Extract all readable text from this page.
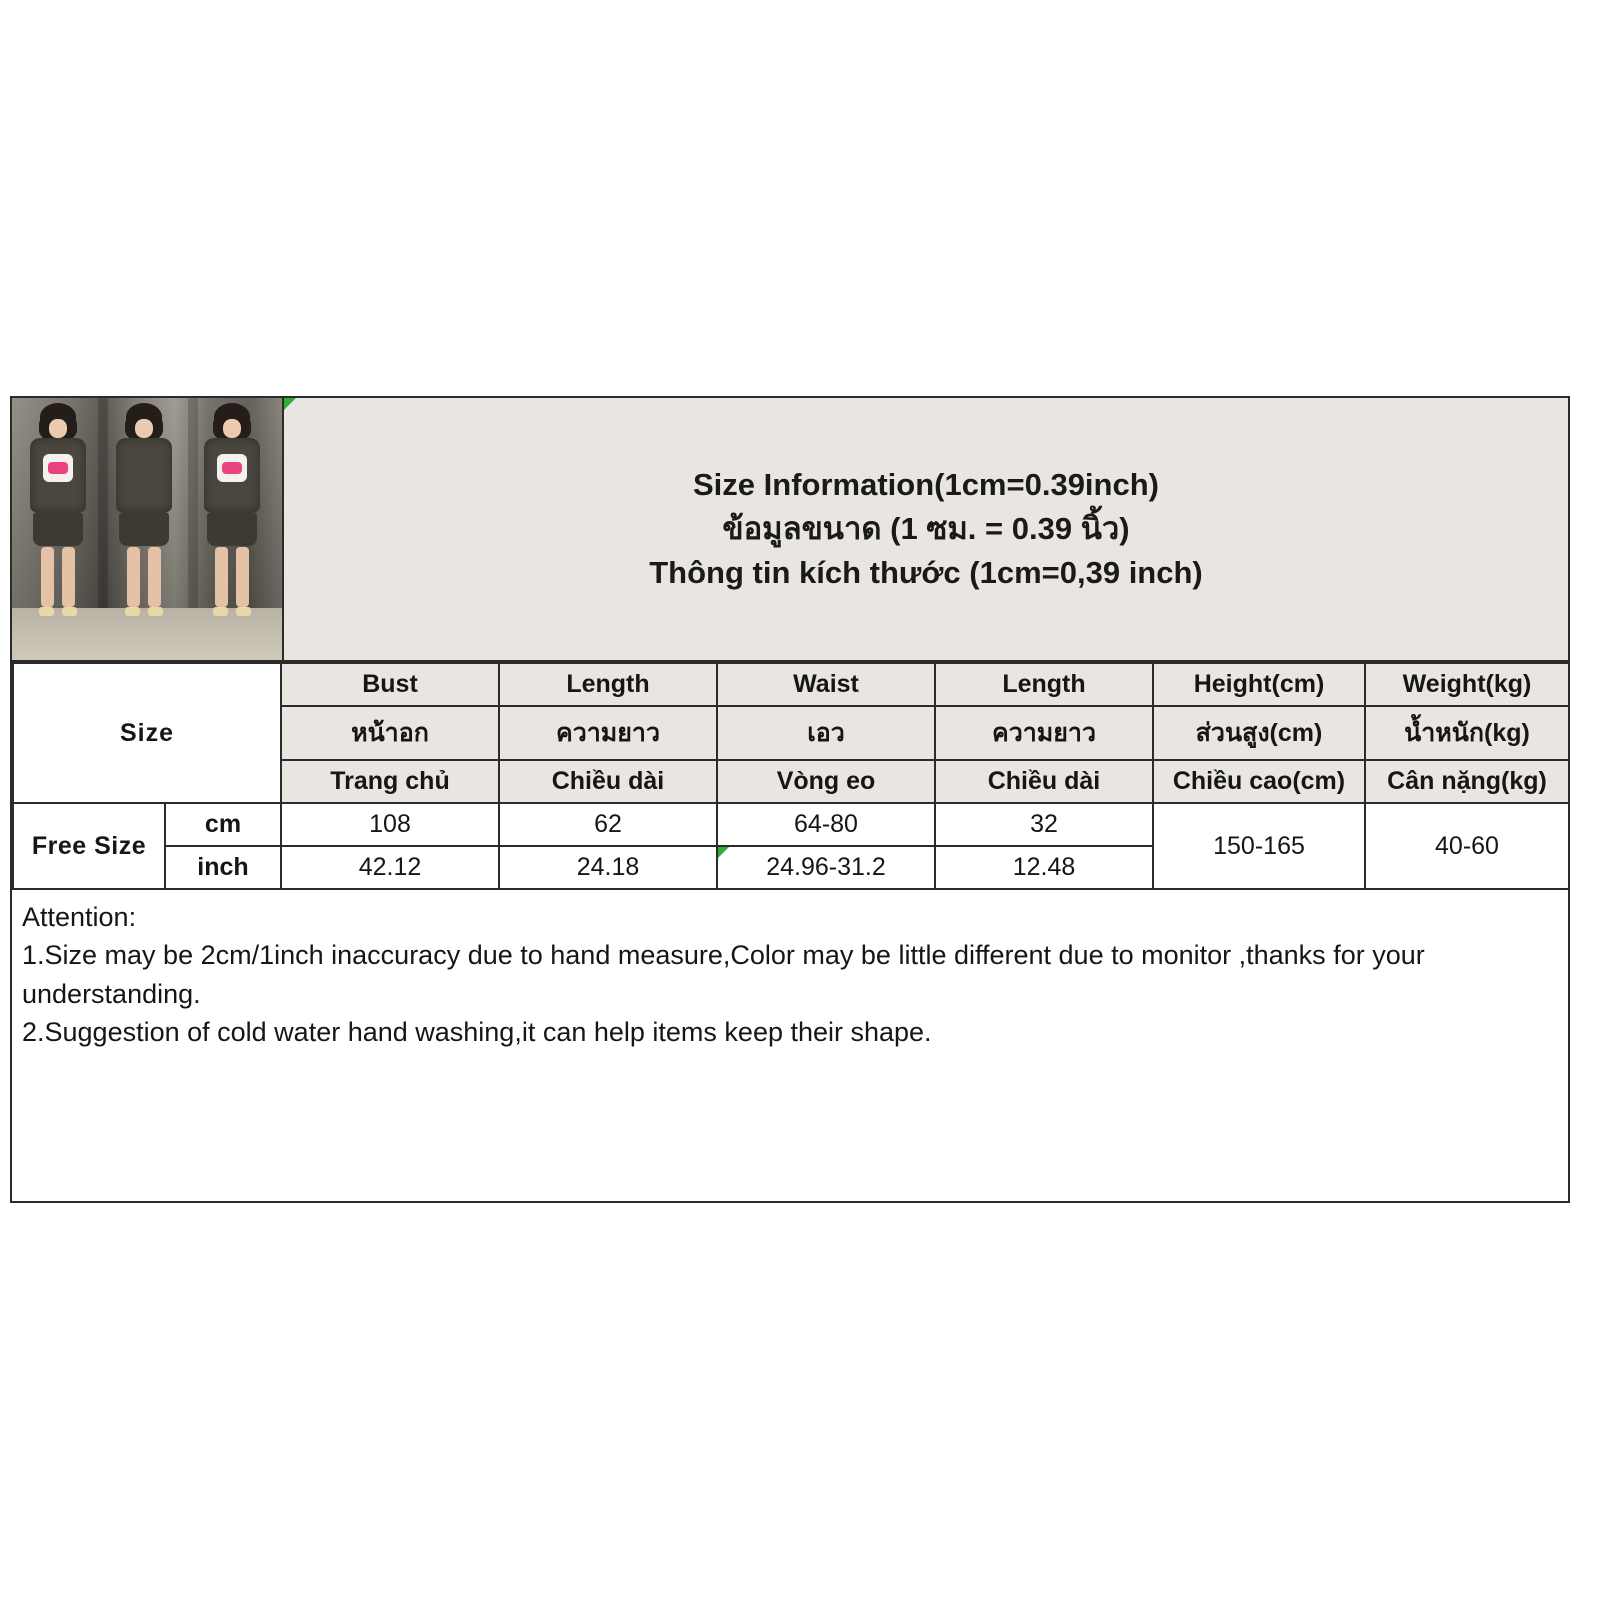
Size Information(1cm=0.39inch)
ข้อมูลขนาด (1 ซม. = 0.39 นิ้ว)
Thông tin kích thước (1cm=0,39 inch)
Size		Bust	Length	Waist	Length	Height(cm)	Weight(kg)
		หน้าอก	ความยาว	เอว	ความยาว	ส่วนสูง(cm)	น้ำหนัก(kg)
		Trang chủ	Chiều dài	Vòng eo	Chiều dài	Chiều cao(cm)	Cân nặng(kg)
Free Size	cm	108	62	64-80	32	150-165	40-60
	inch	42.12	24.18	24.96-31.2	12.48		

Attention:

1.Size may be 2cm/1inch inaccuracy due to hand measure,Color may be little different due to monitor ,thanks for your understanding.

2.Suggestion of cold water hand washing,it can help items keep their shape.
